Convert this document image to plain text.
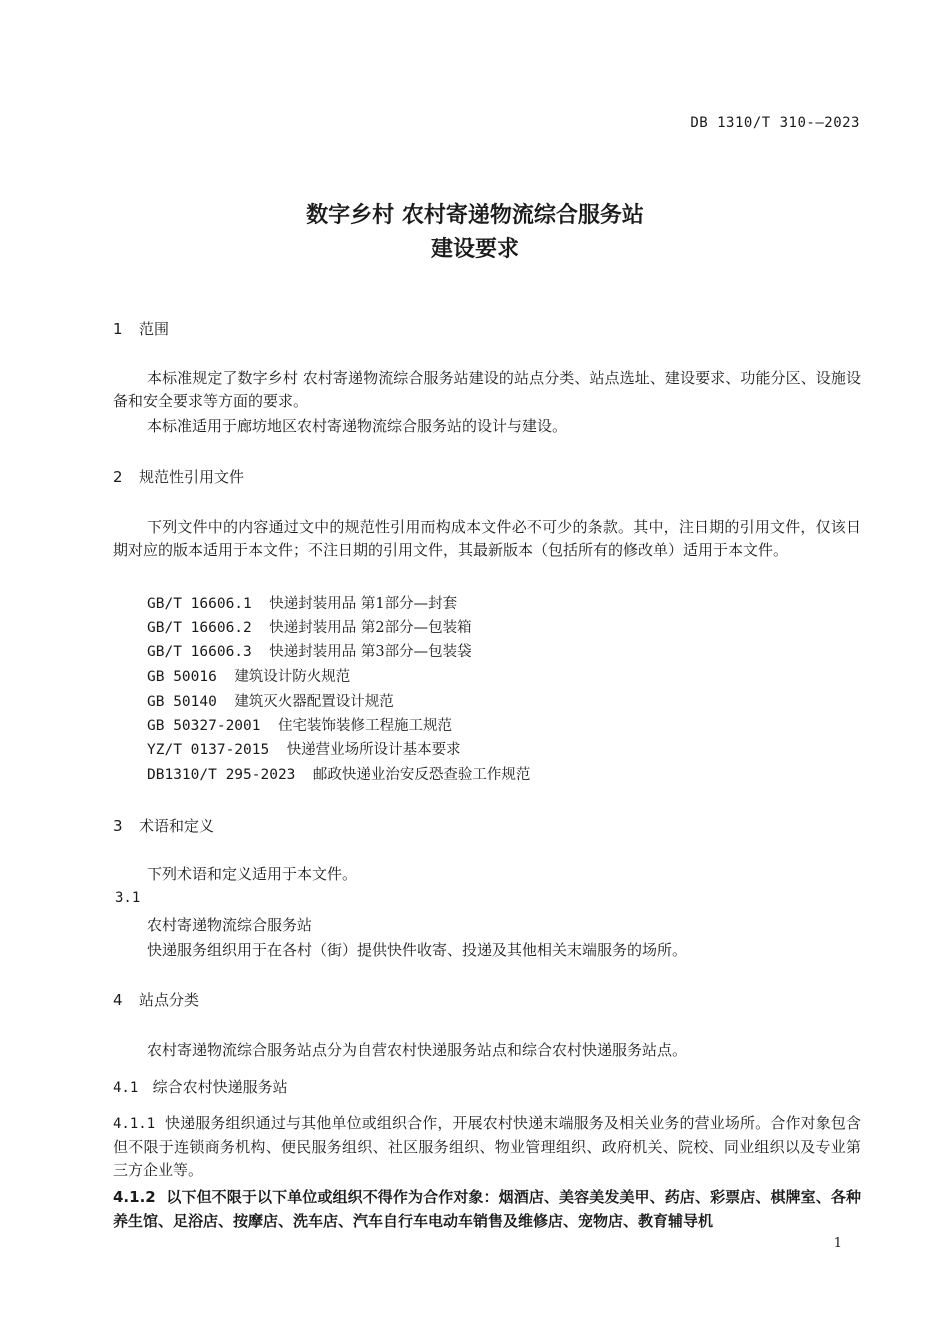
DB 1310/T 310-—2023
数字乡村 农村寄递物流综合服务站
建设要求
1 范围
本标准规定了数字乡村 农村寄递物流综合服务站建设的站点分类、站点选址、建设要求、功能分区、设施设备和安全要求等方面的要求。
本标准适用于廊坊地区农村寄递物流综合服务站的设计与建设。
2 规范性引用文件
下列文件中的内容通过文中的规范性引用而构成本文件必不可少的条款。其中，注日期的引用文件，仅该日期对应的版本适用于本文件；不注日期的引用文件，其最新版本（包括所有的修改单）适用于本文件。
GB/T 16606.1 快递封装用品 第1部分—封套
GB/T 16606.2 快递封装用品 第2部分—包装箱
GB/T 16606.3 快递封装用品 第3部分—包装袋
GB 50016 建筑设计防火规范
GB 50140 建筑灭火器配置设计规范
GB 50327-2001 住宅装饰装修工程施工规范
YZ/T 0137-2015 快递营业场所设计基本要求
DB1310/T 295-2023 邮政快递业治安反恐查验工作规范
3 术语和定义
下列术语和定义适用于本文件。
3.1
农村寄递物流综合服务站
快递服务组织用于在各村（街）提供快件收寄、投递及其他相关末端服务的场所。
4 站点分类
农村寄递物流综合服务站点分为自营农村快递服务站点和综合农村快递服务站点。
4.1 综合农村快递服务站
4.1.1 快递服务组织通过与其他单位或组织合作，开展农村快递末端服务及相关业务的营业场所。合作对象包含但不限于连锁商务机构、便民服务组织、社区服务组织、物业管理组织、政府机关、院校、同业组织以及专业第三方企业等。
4.1.2 以下但不限于以下单位或组织不得作为合作对象：烟酒店、美容美发美甲、药店、彩票店、棋牌室、各种养生馆、足浴店、按摩店、洗车店、汽车自行车电动车销售及维修店、宠物店、教育辅导机
1
